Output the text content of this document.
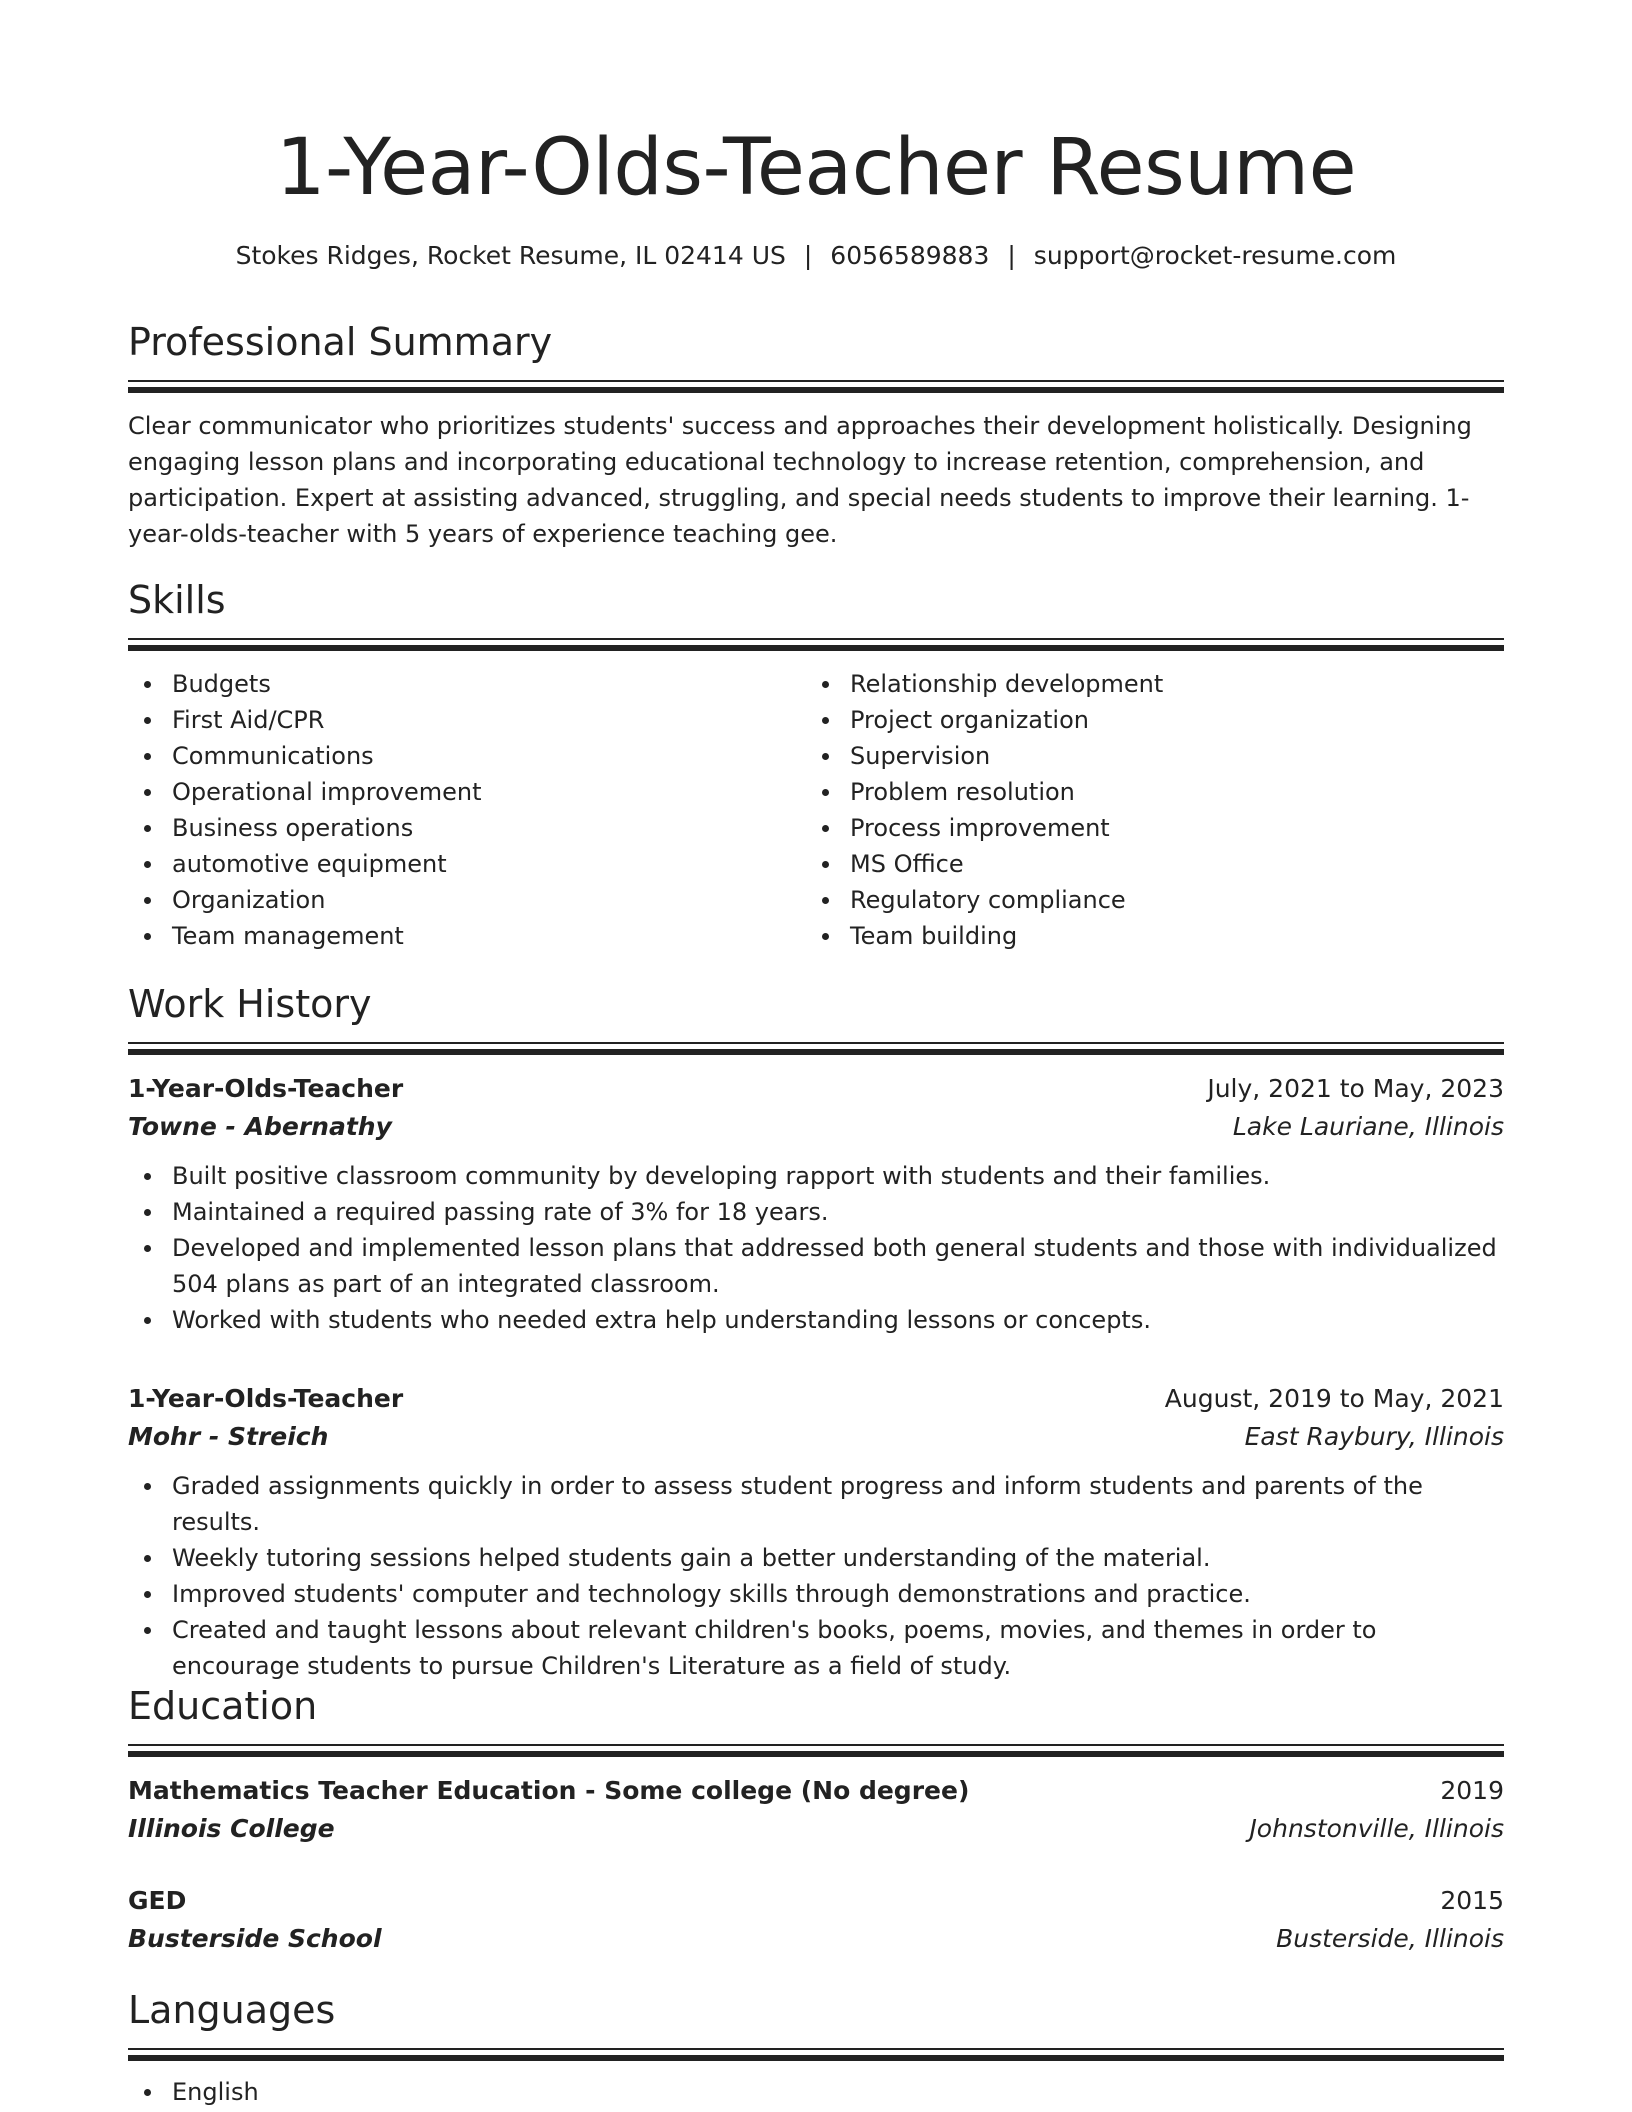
1-Year-Olds-Teacher Resume
Stokes Ridges, Rocket Resume, IL 02414 US | 6056589883 | support@rocket-resume.com
Professional Summary
Clear communicator who prioritizes students' success and approaches their development holistically. Designing engaging lesson plans and incorporating educational technology to increase retention, comprehension, and participation. Expert at assisting advanced, struggling, and special needs students to improve their learning. 1-year-olds-teacher with 5 years of experience teaching gee.
Skills
Budgets
First Aid/CPR
Communications
Operational improvement
Business operations
automotive equipment
Organization
Team management
Relationship development
Project organization
Supervision
Problem resolution
Process improvement
MS Office
Regulatory compliance
Team building
Work History
1-Year-Olds-Teacher	July, 2021 to May, 2023
Towne - Abernathy	Lake Lauriane, Illinois
Built positive classroom community by developing rapport with students and their families.
Maintained a required passing rate of 3% for 18 years.
Developed and implemented lesson plans that addressed both general students and those with individualized 504 plans as part of an integrated classroom.
Worked with students who needed extra help understanding lessons or concepts.
1-Year-Olds-Teacher	August, 2019 to May, 2021
Mohr - Streich	East Raybury, Illinois
Graded assignments quickly in order to assess student progress and inform students and parents of the results.
Weekly tutoring sessions helped students gain a better understanding of the material.
Improved students' computer and technology skills through demonstrations and practice.
Created and taught lessons about relevant children's books, poems, movies, and themes in order to encourage students to pursue Children's Literature as a field of study.
Education
Mathematics Teacher Education - Some college (No degree)	2019
Illinois College	Johnstonville, Illinois
GED	2015
Busterside School	Busterside, Illinois
Languages
English
